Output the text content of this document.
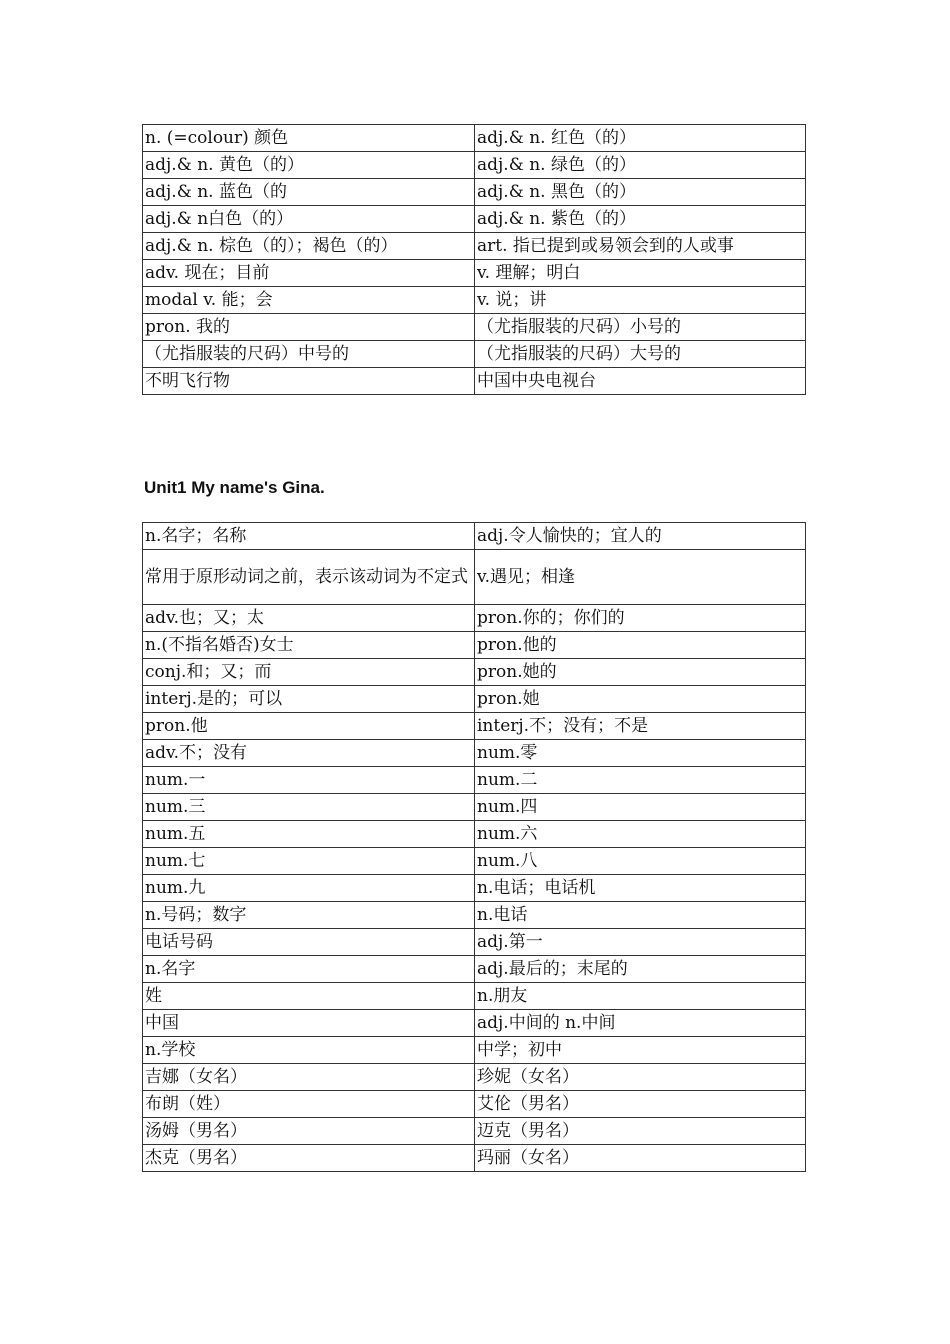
n. (=colour) 颜色	adj.& n. 红色（的）
adj.& n. 黄色（的）	adj.& n. 绿色（的）
adj.& n. 蓝色（的	adj.& n. 黑色（的）
adj.& n白色（的）	adj.& n. 紫色（的）
adj.& n. 棕色（的）；褐色（的）	art. 指已提到或易领会到的人或事
adv. 现在；目前	v. 理解；明白
modal v. 能；会	v. 说；讲
pron. 我的	（尤指服装的尺码）小号的
（尤指服装的尺码）中号的	（尤指服装的尺码）大号的
不明飞行物	中国中央电视台
Unit1 My name's Gina.
n.名字；名称	adj.令人愉快的；宜人的
常用于原形动词之前，表示该动词为不定式	v.遇见；相逢
adv.也；又；太	pron.你的；你们的
n.(不指名婚否)女士	pron.他的
conj.和；又；而	pron.她的
interj.是的；可以	pron.她
pron.他	interj.不；没有；不是
adv.不；没有	num.零
num.一	num.二
num.三	num.四
num.五	num.六
num.七	num.八
num.九	n.电话；电话机
n.号码；数字	n.电话
电话号码	adj.第一
n.名字	adj.最后的；末尾的
姓	n.朋友
中国	adj.中间的 n.中间
n.学校	中学；初中
吉娜（女名）	珍妮（女名）
布朗（姓）	艾伦（男名）
汤姆（男名）	迈克（男名）
杰克（男名）	玛丽（女名）
